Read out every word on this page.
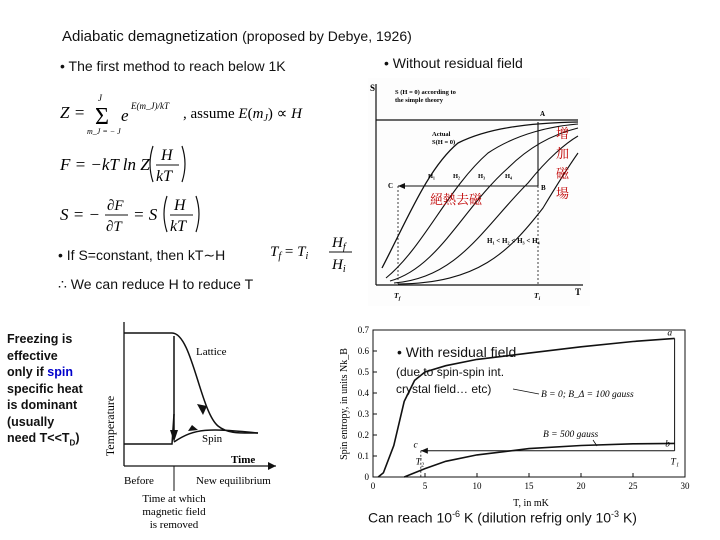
Adiabatic demagnetization (proposed by Debye, 1926)
• The first method to reach below 1K
Z =
J
Σ
m_J = − J
e E(m_J)/kT , assume $E(m_J) \propto H$
F = −kT ln Z H
kT
S = − ∂F
∂T
= S H
kT
• If S=constant, then kT∼H	$T_f = T_i$
$H_f$
$H_i$
∴ We can reduce H to reduce T
• Without residual field
S
T
S (H = 0) according to
the simple theory
A
Actual
S(H = 0)
H₁	H₂	H₃	H₄
C	B
$T_f$	$T_i$
H₁ < H₂ < H₃ < H₄
絕熱去磁
增
加
磁
場
Freezing is
effective
only if spin
specific heat
is dominant
(usually
need $T<<T_D$)	Temperature
Lattice
Spin
Time
Before	New equilibrium
Time at which
magnetic field
is removed
0	5	10	15	20	25	30
0
0.1
0.2
0.3
0.4
0.5
0.6
0.7
B = 0; B_Δ = 100 gauss
B = 500 gauss
a
b
c
T₂	T₁
Spin entropy, in units Nk_B
T, in mK
• With residual field
(due to spin-spin int. crystal field… etc)
Can reach $10^{-6}$ K (dilution refrig only $10^{-3}$ K)
